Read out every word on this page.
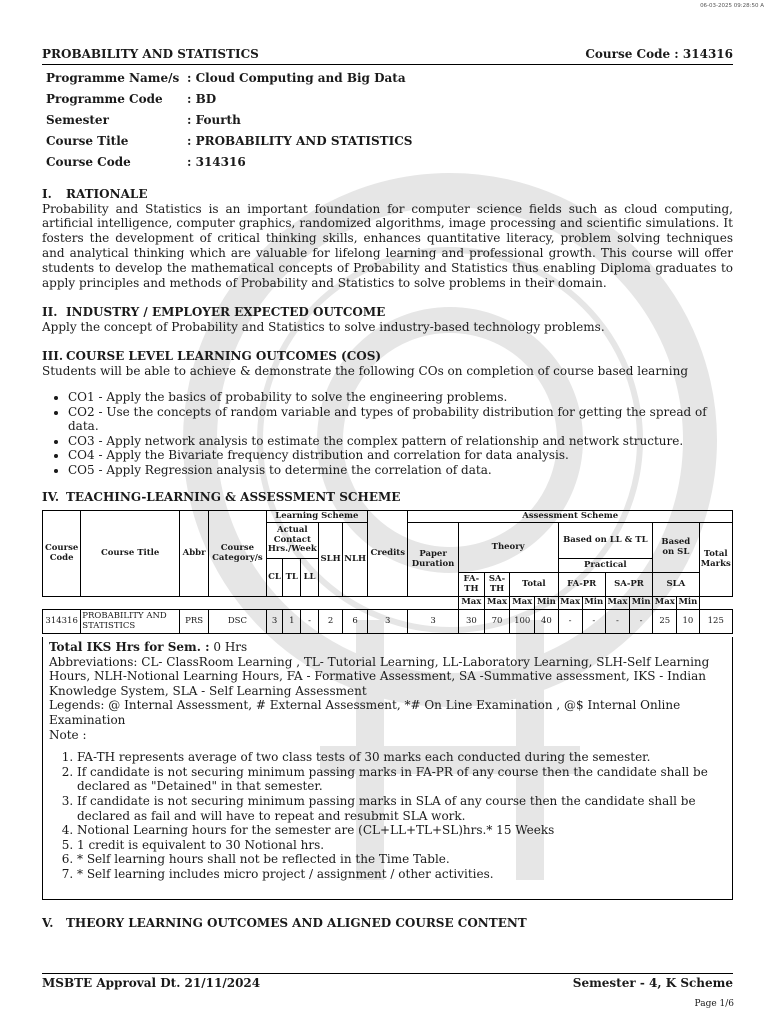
06-03-2025 09:28:50 A
PROBABILITY AND STATISTICS	Course Code : 314316
Programme Name/s	: Cloud Computing and Big Data
Programme Code	: BD
Semester	: Fourth
Course Title	: PROBABILITY AND STATISTICS
Course Code	: 314316

I. RATIONALE

Probability and Statistics is an important foundation for computer science fields such as cloud computing, artificial intelligence, computer graphics, randomized algorithms, image processing and scientific simulations. It fosters the development of critical thinking skills, enhances quantitative literacy, problem solving techniques and analytical thinking which are valuable for lifelong learning and professional growth. This course will offer students to develop the mathematical concepts of Probability and Statistics thus enabling Diploma graduates to apply principles and methods of Probability and Statistics to solve problems in their domain.

II. INDUSTRY / EMPLOYER EXPECTED OUTCOME

Apply the concept of Probability and Statistics to solve industry-based technology problems.

III. COURSE LEVEL LEARNING OUTCOMES (COS)

Students will be able to achieve & demonstrate the following COs on completion of course based learning

• CO1 - Apply the basics of probability to solve the engineering problems.
• CO2 - Use the concepts of random variable and types of probability distribution for getting the spread of data.
• CO3 - Apply network analysis to estimate the complex pattern of relationship and network structure.
• CO4 - Apply the Bivariate frequency distribution and correlation for data analysis.
• CO5 - Apply Regression analysis to determine the correlation of data.

IV. TEACHING-LEARNING & ASSESSMENT SCHEME

Course Code	Course Title	Abbr	Course Category/s	Learning Scheme					Credits	Assessment Scheme											
				Actual Contact Hrs./Week			SLH	NLH		Paper Duration	Theory				Based on LL & TL				Based on SL		Total Marks
				CL	TL	LL									Practical						
											FA-TH	SA-TH	Total		FA-PR		SA-PR		SLA		
											Max	Max	Max	Min	Max	Min	Max	Min	Max	Min	
314316	PROBABILITY AND STATISTICS	PRS	DSC	3	1	-	2	6	3	3	30	70	100	40	-	-	-	-	25	10	125
Total IKS Hrs for Sem. : 0 Hrs
Abbreviations: CL- ClassRoom Learning , TL- Tutorial Learning, LL-Laboratory Learning, SLH-Self Learning Hours, NLH-Notional Learning Hours, FA - Formative Assessment, SA -Summative assessment, IKS - Indian Knowledge System, SLA - Self Learning Assessment
Legends: @ Internal Assessment, # External Assessment, *# On Line Examination , @$ Internal Online Examination
Note :
1. FA-TH represents average of two class tests of 30 marks each conducted during the semester.
2. If candidate is not securing minimum passing marks in FA-PR of any course then the candidate shall be declared as "Detained" in that semester.
3. If candidate is not securing minimum passing marks in SLA of any course then the candidate shall be declared as fail and will have to repeat and resubmit SLA work.
4. Notional Learning hours for the semester are (CL+LL+TL+SL)hrs.* 15 Weeks
5. 1 credit is equivalent to 30 Notional hrs.
6. * Self learning hours shall not be reflected in the Time Table.
7. * Self learning includes micro project / assignment / other activities.

V. THEORY LEARNING OUTCOMES AND ALIGNED COURSE CONTENT

MSBTE Approval Dt. 21/11/2024	Semester - 4, K Scheme
Page 1/6
